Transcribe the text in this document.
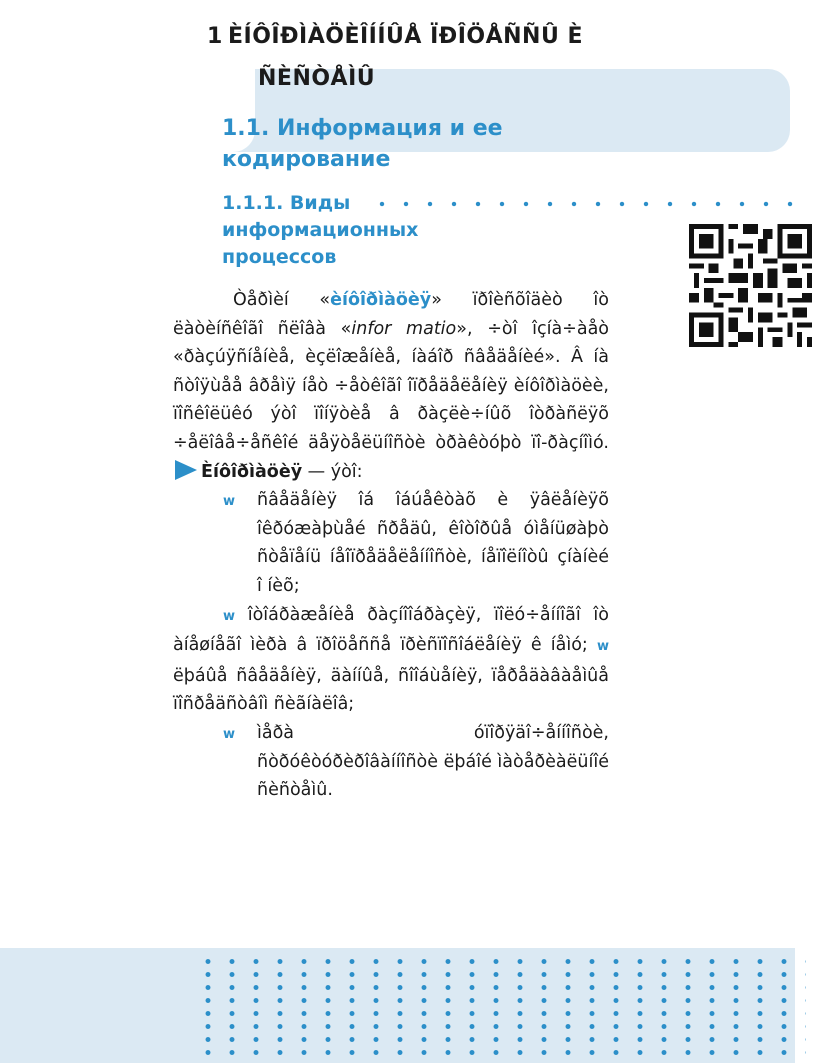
1 ÈÍÔÎÐÌÀÖÈÎÍÍÛÅ ÏÐÎÖÅÑÑÛ È
ÑÈÑÒÅÌÛ
1.1. Информация и ее кодирование
1.1.1. Виды информационных процессов

Òåðìèí «èíôîðìàöèÿ» ïðîèñõîäèò îò ëàòèíñêîãî ñëîâà «infor matio», ÷òî îçíà÷àåò «ðàçúÿñíåíèå, èçëîæåíèå, íàáîð ñâåäåíèé». Â íà ñòîÿùåå âðåìÿ íåò ÷åòêîãî îïðåäåëåíèÿ èíôîðìàöèè, ïîñêîëüêó ýòî ïîíÿòèå â ðàçëè÷íûõ îòðàñëÿõ ÷åëîâå÷åñêîé äåÿòåëüíîñòè òðàêòóþò ïî-ðàçíîìó.Èíôîðìàöèÿ — ýòî:

w ñâåäåíèÿ îá îáúåêòàõ è ÿâëåíèÿõ îêðóæàþùåé ñðåäû, êîòîðûå óìåíüøàþò ñòåïåíü íåîïðåäåëåííîñòè, íåïîëíîòû çíàíèé î íèõ;

w îòîáðàæåíèå ðàçíîîáðàçèÿ, ïîëó÷åííîãî îò àíåøíåãî ìèðà â ïðîöåññå ïðèñïîñîáëåíèÿ ê íåìó; w ëþáûå ñâåäåíèÿ, äàííûå, ñîîáùåíèÿ, ïåðåäàâàåìûå ïîñðåäñòâîì ñèãíàëîâ;

w ìåðà óïîðÿäî÷åííîñòè, ñòðóêòóðèðîâàííîñòè ëþáîé ìàòåðèàëüíîé ñèñòåìû.
